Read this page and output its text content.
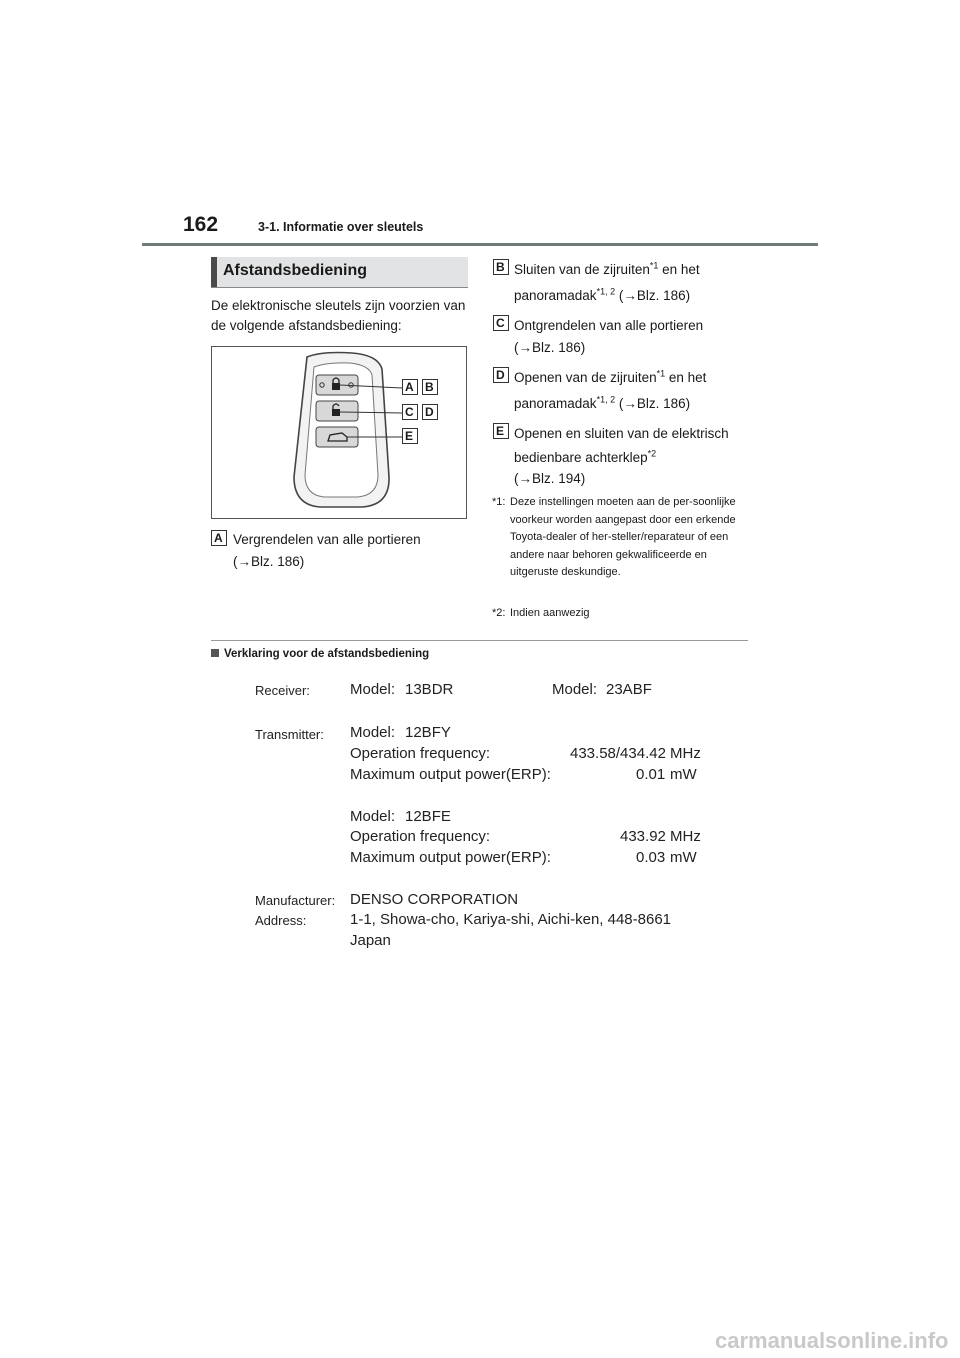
162	3-1. Informatie over sleutels
Afstandsbediening
De elektronische sleutels zijn voorzien van de volgende afstandsbediening:
A B
C D
E
A Vergrendelen van alle portieren
(→Blz. 186)
B Sluiten van de zijruiten$^{*1}$ en het
panoramadak$^{*1, 2}$ (→Blz. 186)
C Ontgrendelen van alle portieren
(→Blz. 186)
D Openen van de zijruiten$^{*1}$ en het
panoramadak$^{*1, 2}$ (→Blz. 186)
E Openen en sluiten van de elektrisch
bedienbare achterklep$^{*2}$
(→Blz. 194)
*1: Deze instellingen moeten aan de per-soonlijke voorkeur worden aangepast door een erkende Toyota-dealer of her-steller/reparateur of een andere naar behoren gekwalificeerde en uitgeruste deskundige.
*2: Indien aanwezig
Verklaring voor de afstandsbediening
Receiver:	Model: 13BDR	Model: 23ABF
Transmitter: Model: 12BFY
Operation frequency:	433.58/434.42 MHz
Maximum output power(ERP):	0.01 mW
Model: 12BFE
Operation frequency:	433.92 MHz
Maximum output power(ERP):	0.03 mW
Manufacturer: DENSO CORPORATION
Address:	1-1, Showa-cho, Kariya-shi, Aichi-ken, 448-8661
Japan
carmanualsonline.info
